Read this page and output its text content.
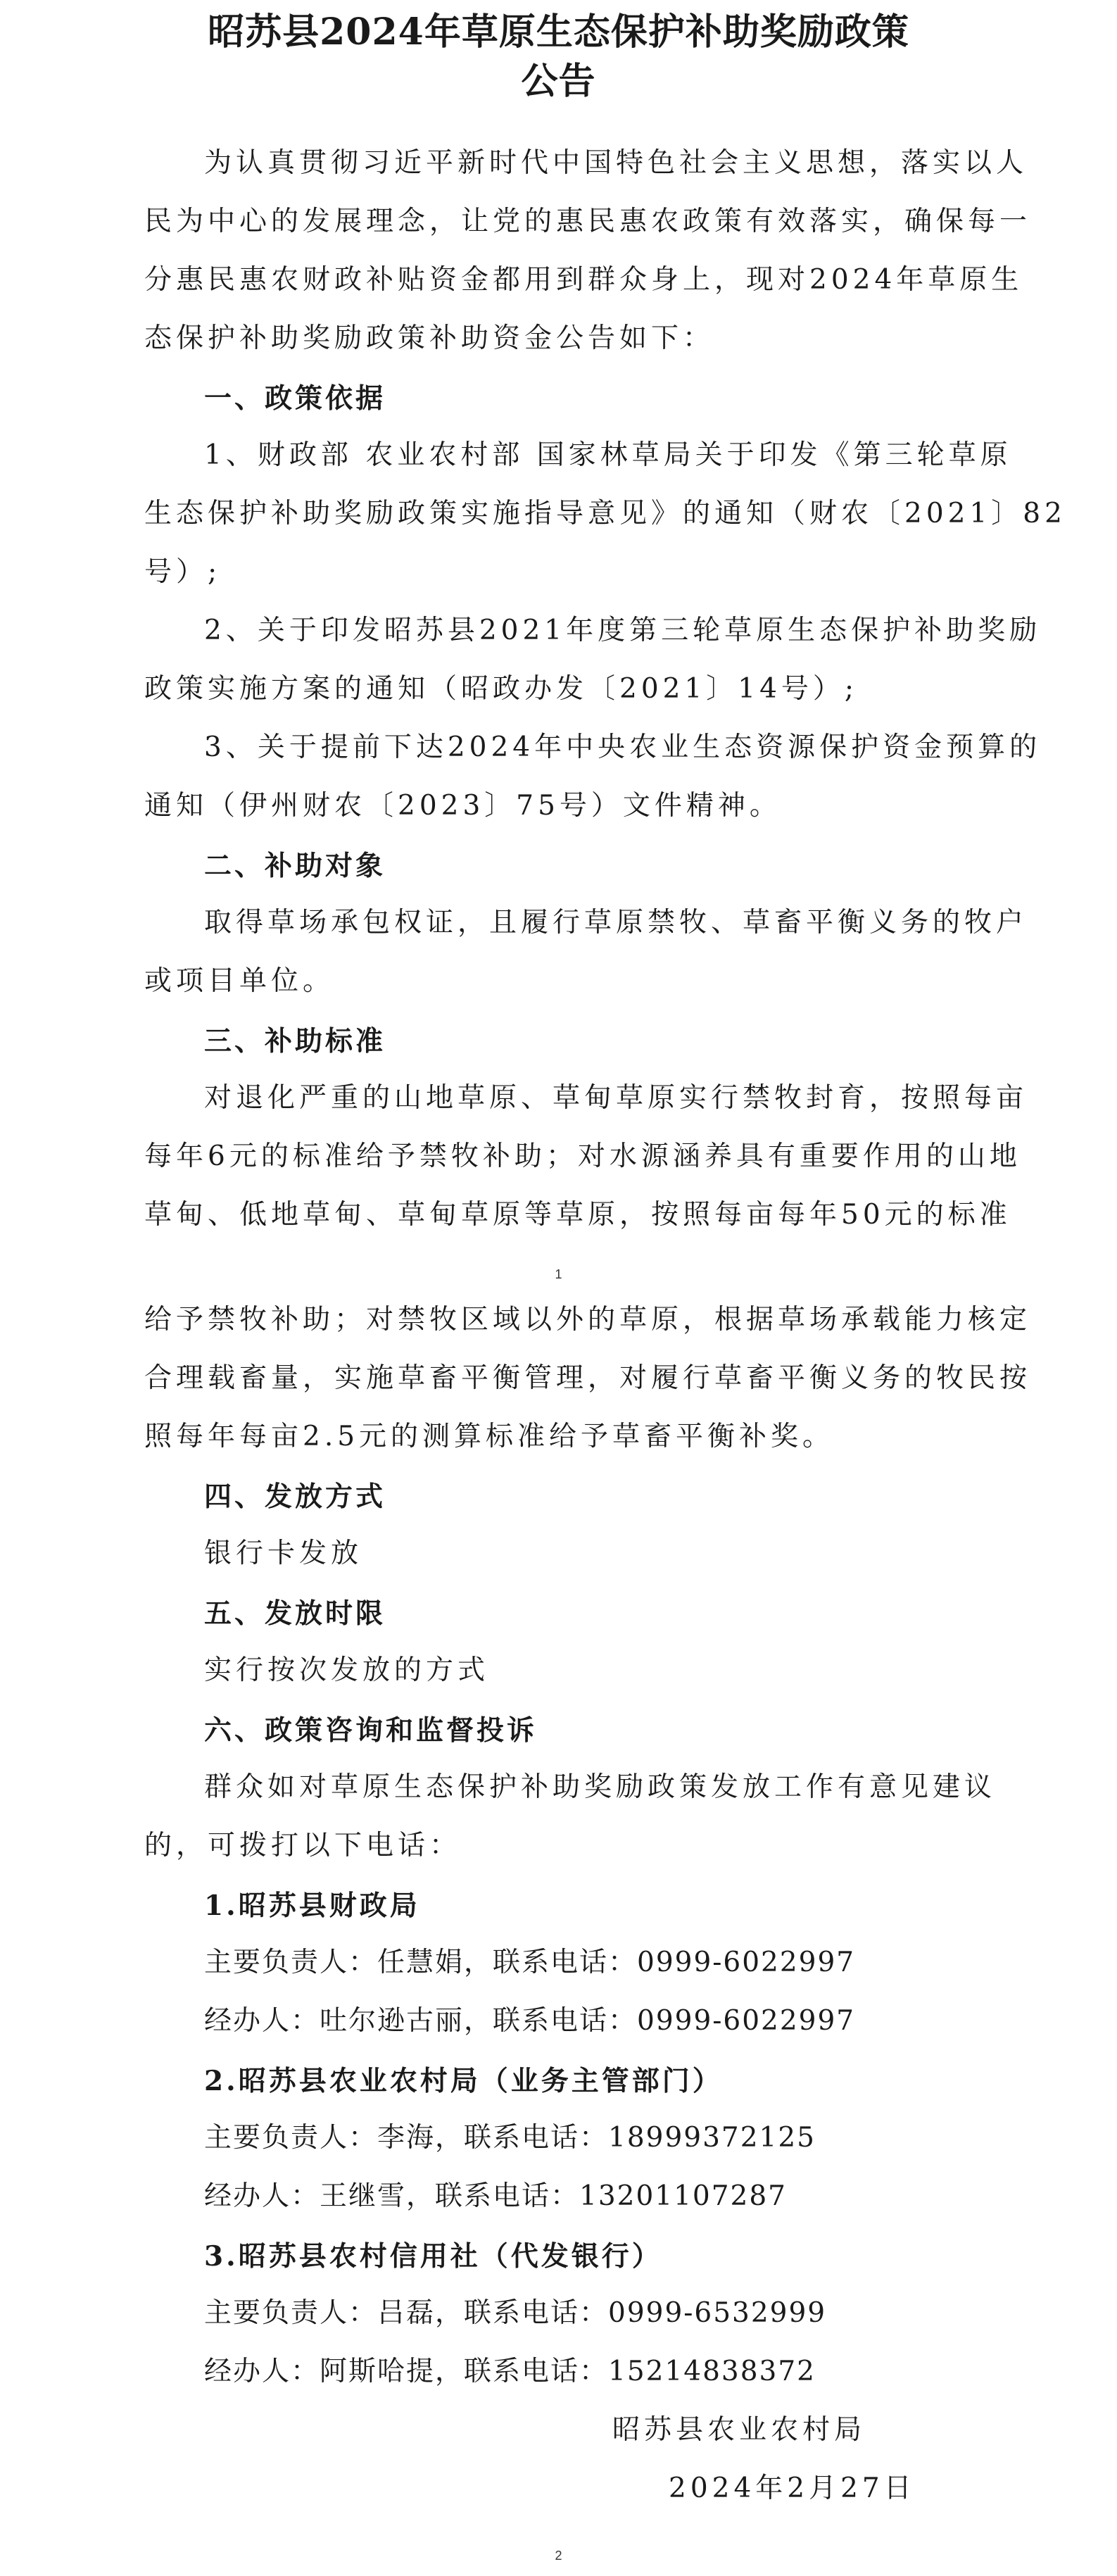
昭苏县2024年草原生态保护补助奖励政策
公告
为认真贯彻习近平新时代中国特色社会主义思想，落实以人
民为中心的发展理念，让党的惠民惠农政策有效落实，确保每一
分惠民惠农财政补贴资金都用到群众身上，现对2024年草原生
态保护补助奖励政策补助资金公告如下：
一、政策依据
1、财政部 农业农村部 国家林草局关于印发《第三轮草原
生态保护补助奖励政策实施指导意见》的通知（财农〔2021〕82
号）;
2、关于印发昭苏县2021年度第三轮草原生态保护补助奖励
政策实施方案的通知（昭政办发〔2021〕14号）;
3、关于提前下达2024年中央农业生态资源保护资金预算的
通知（伊州财农〔2023〕75号）文件精神。
二、补助对象
取得草场承包权证，且履行草原禁牧、草畜平衡义务的牧户
或项目单位。
三、补助标准
对退化严重的山地草原、草甸草原实行禁牧封育，按照每亩
每年6元的标准给予禁牧补助；对水源涵养具有重要作用的山地
草甸、低地草甸、草甸草原等草原，按照每亩每年50元的标准
1
给予禁牧补助；对禁牧区域以外的草原，根据草场承载能力核定
合理载畜量，实施草畜平衡管理，对履行草畜平衡义务的牧民按
照每年每亩2.5元的测算标准给予草畜平衡补奖。
四、发放方式
银行卡发放
五、发放时限
实行按次发放的方式
六、政策咨询和监督投诉
群众如对草原生态保护补助奖励政策发放工作有意见建议
的，可拨打以下电话：
1.昭苏县财政局
主要负责人：任慧娟，联系电话：0999-6022997
经办人：吐尔逊古丽，联系电话：0999-6022997
2.昭苏县农业农村局（业务主管部门）
主要负责人：李海，联系电话：18999372125
经办人：王继雪，联系电话：13201107287
3.昭苏县农村信用社（代发银行）
主要负责人：吕磊，联系电话：0999-6532999
经办人：阿斯哈提，联系电话：15214838372
昭苏县农业农村局
2024年2月27日
2
